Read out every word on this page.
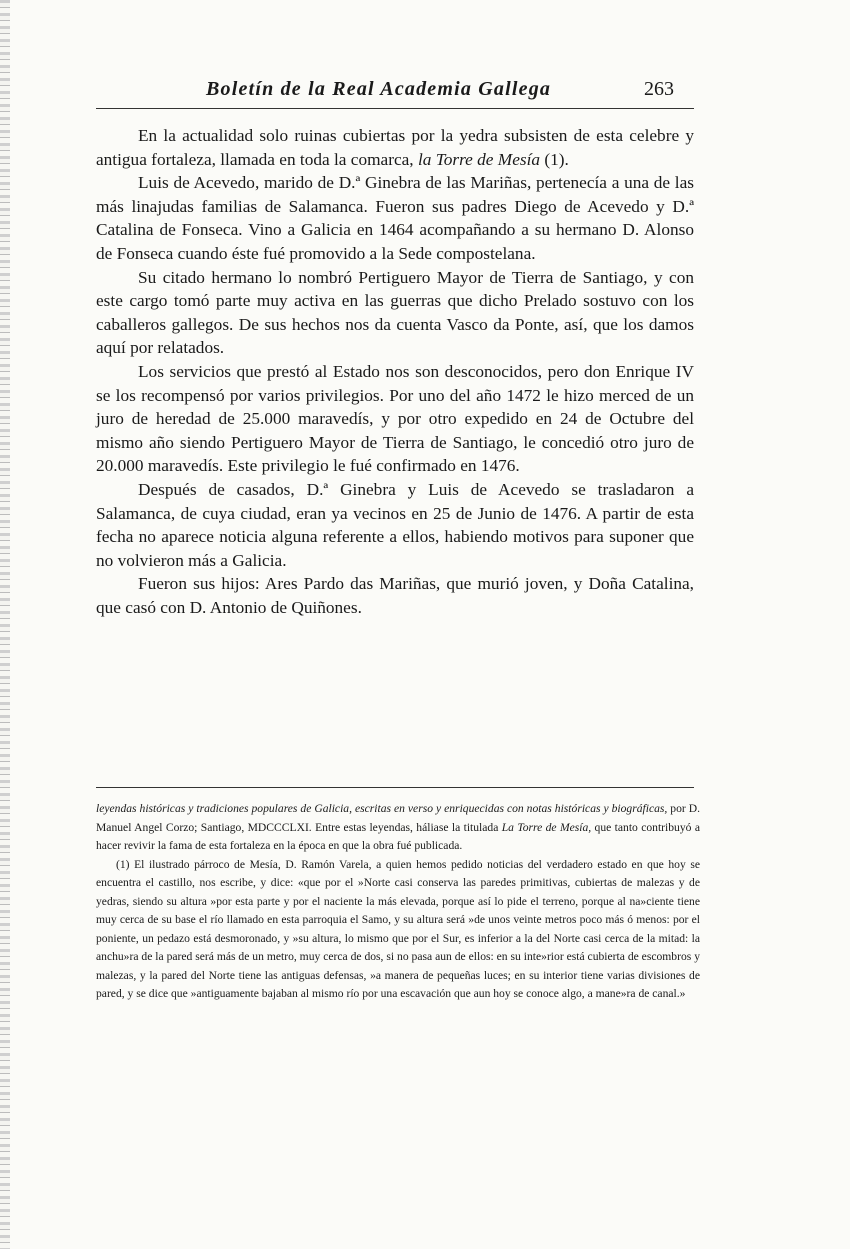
Boletín de la Real Academia Gallega	263

En la actualidad solo ruinas cubiertas por la yedra subsisten de esta celebre y antigua fortaleza, llamada en toda la comarca, la Torre de Mesía (1).

Luis de Acevedo, marido de D.ª Ginebra de las Mariñas, pertenecía a una de las más linajudas familias de Salamanca. Fueron sus padres Diego de Acevedo y D.ª Catalina de Fonseca. Vino a Galicia en 1464 acompañando a su hermano D. Alonso de Fonseca cuando éste fué promovido a la Sede compostelana.

Su citado hermano lo nombró Pertiguero Mayor de Tierra de Santiago, y con este cargo tomó parte muy activa en las guerras que dicho Prelado sostuvo con los caballeros gallegos. De sus hechos nos da cuenta Vasco da Ponte, así, que los damos aquí por relatados.

Los servicios que prestó al Estado nos son desconocidos, pero don Enrique IV se los recompensó por varios privilegios. Por uno del año 1472 le hizo merced de un juro de heredad de 25.000 maravedís, y por otro expedido en 24 de Octubre del mismo año siendo Pertiguero Mayor de Tierra de Santiago, le concedió otro juro de 20.000 maravedís. Este privilegio le fué confirmado en 1476.

Después de casados, D.ª Ginebra y Luis de Acevedo se trasladaron a Salamanca, de cuya ciudad, eran ya vecinos en 25 de Junio de 1476. A partir de esta fecha no aparece noticia alguna referente a ellos, habiendo motivos para suponer que no volvieron más a Galicia.

Fueron sus hijos: Ares Pardo das Mariñas, que murió joven, y Doña Catalina, que casó con D. Antonio de Quiñones.

leyendas históricas y tradiciones populares de Galicia, escritas en verso y enriquecidas con notas históricas y biográficas, por D. Manuel Angel Corzo; Santiago, MDCCCLXI. Entre estas leyendas, háliase la titulada La Torre de Mesía, que tanto contribuyó a hacer revivir la fama de esta fortaleza en la época en que la obra fué publicada.

(1) El ilustrado párroco de Mesía, D. Ramón Varela, a quien hemos pedido noticias del verdadero estado en que hoy se encuentra el castillo, nos escribe, y dice: «que por el »Norte casi conserva las paredes primitivas, cubiertas de malezas y de yedras, siendo su altura »por esta parte y por el naciente la más elevada, porque así lo pide el terreno, porque al na»ciente tiene muy cerca de su base el río llamado en esta parroquia el Samo, y su altura será »de unos veinte metros poco más ó menos: por el poniente, un pedazo está desmoronado, y »su altura, lo mismo que por el Sur, es inferior a la del Norte casi cerca de la mitad: la anchu»ra de la pared será más de un metro, muy cerca de dos, si no pasa aun de ellos: en su inte»rior está cubierta de escombros y malezas, y la pared del Norte tiene las antiguas defensas, »a manera de pequeñas luces; en su interior tiene varias divisiones de pared, y se dice que »antiguamente bajaban al mismo río por una escavación que aun hoy se conoce algo, a mane»ra de canal.»
